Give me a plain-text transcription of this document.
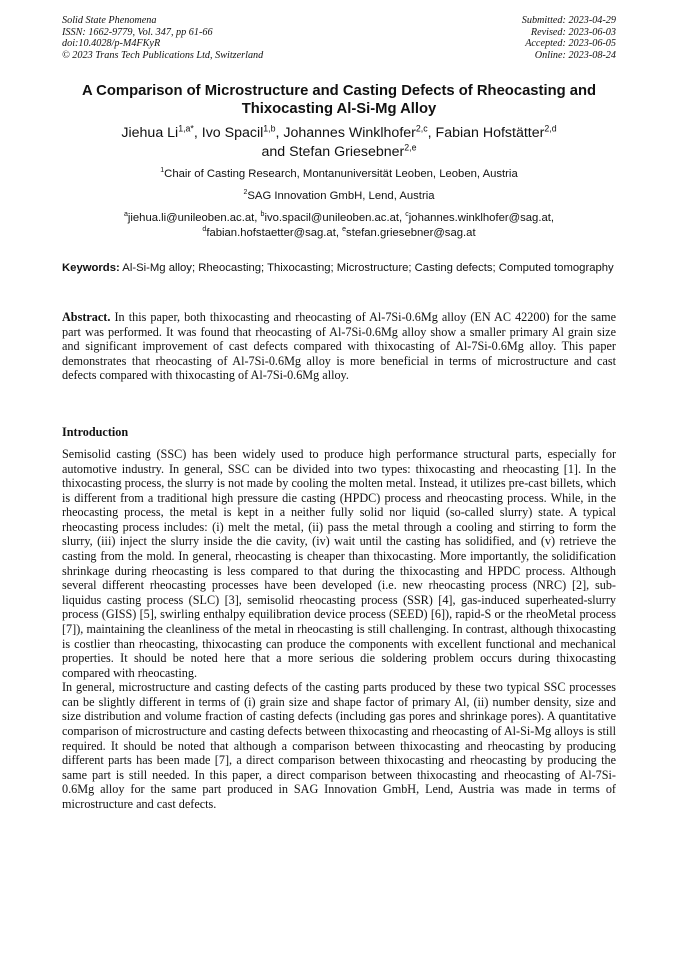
Solid State Phenomena
ISSN: 1662-9779, Vol. 347, pp 61-66
doi:10.4028/p-M4FKyR
© 2023 Trans Tech Publications Ltd, Switzerland
Submitted: 2023-04-29
Revised: 2023-06-03
Accepted: 2023-06-05
Online: 2023-08-24
A Comparison of Microstructure and Casting Defects of Rheocasting and Thixocasting Al-Si-Mg Alloy
Jiehua $Li^{1,a*}$, Ivo Spacil$^{1,b}$, Johannes Winklhofer$^{2,c}$, Fabian Hofstätter$^{2,d}$
and Stefan Griesebner$^{2,e}$
$^1$Chair of Casting Research, Montanuniversität Leoben, Leoben, Austria
$^2$SAG Innovation GmbH, Lend, Austria
$^a$jiehua.li@unileoben.ac.at, $^b$ivo.spacil@unileoben.ac.at, $^c$johannes.winklhofer@sag.at,
$^d$fabian.hofstaetter@sag.at, $^e$stefan.griesebner@sag.at
Keywords: Al-Si-Mg alloy; Rheocasting; Thixocasting; Microstructure; Casting defects; Computed tomography

Abstract. In this paper, both thixocasting and rheocasting of Al-7Si-0.6Mg alloy (EN AC 42200) for the same part was performed. It was found that rheocasting of Al-7Si-0.6Mg alloy show a smaller primary Al grain size and significant improvement of cast defects compared with thixocasting of Al-7Si-0.6Mg alloy. This paper demonstrates that rheocasting of Al-7Si-0.6Mg alloy is more beneficial in terms of microstructure and cast defects compared with thixocasting of Al-7Si-0.6Mg alloy.

Introduction

Semisolid casting (SSC) has been widely used to produce high performance structural parts, especially for automotive industry. In general, SSC can be divided into two types: thixocasting and rheocasting [1]. In the thixocasting process, the slurry is not made by cooling the molten metal. Instead, it utilizes pre-cast billets, which is different from a traditional high pressure die casting (HPDC) process and rheocasting process. While, in the rheocasting process, the metal is kept in a neither fully solid nor liquid (so-called slurry) state. A typical rheocasting process includes: (i) melt the metal, (ii) pass the metal through a cooling and stirring to form the slurry, (iii) inject the slurry inside the die cavity, (iv) wait until the casting has solidified, and (v) retrieve the casting from the mold. In general, rheocasting is cheaper than thixocasting. More importantly, the solidification shrinkage during rheocasting is less compared to that during the thixocasting and HPDC process. Although several different rheocasting processes have been developed (i.e. new rheocasting process (NRC) [2], sub-liquidus casting process (SLC) [3], semisolid rheocasting process (SSR) [4], gas-induced superheated-slurry process (GISS) [5], swirling enthalpy equilibration device process (SEED) [6]), rapid-S or the rheoMetal process [7]), maintaining the cleanliness of the metal in rheocasting is still challenging. In contrast, although thixocasting is costlier than rheocasting, thixocasting can produce the components with excellent functional and mechanical properties. It should be noted here that a more serious die soldering problem occurs during thixocasting compared with rheocasting.

In general, microstructure and casting defects of the casting parts produced by these two typical SSC processes can be slightly different in terms of (i) grain size and shape factor of primary Al, (ii) number density, size and size distribution and volume fraction of casting defects (including gas pores and shrinkage pores). A quantitative comparison of microstructure and casting defects between thixocasting and rheocasting of Al-Si-Mg alloys is still required. It should be noted that although a comparison between thixocasting and rheocasting by producing different parts has been made [7], a direct comparison between thixocasting and rheocasting by producing the same part is still needed. In this paper, a direct comparison between thixocasting and rheocasting of Al-7Si-0.6Mg alloy for the same part produced in SAG Innovation GmbH, Lend, Austria was made in terms of microstructure and cast defects.
